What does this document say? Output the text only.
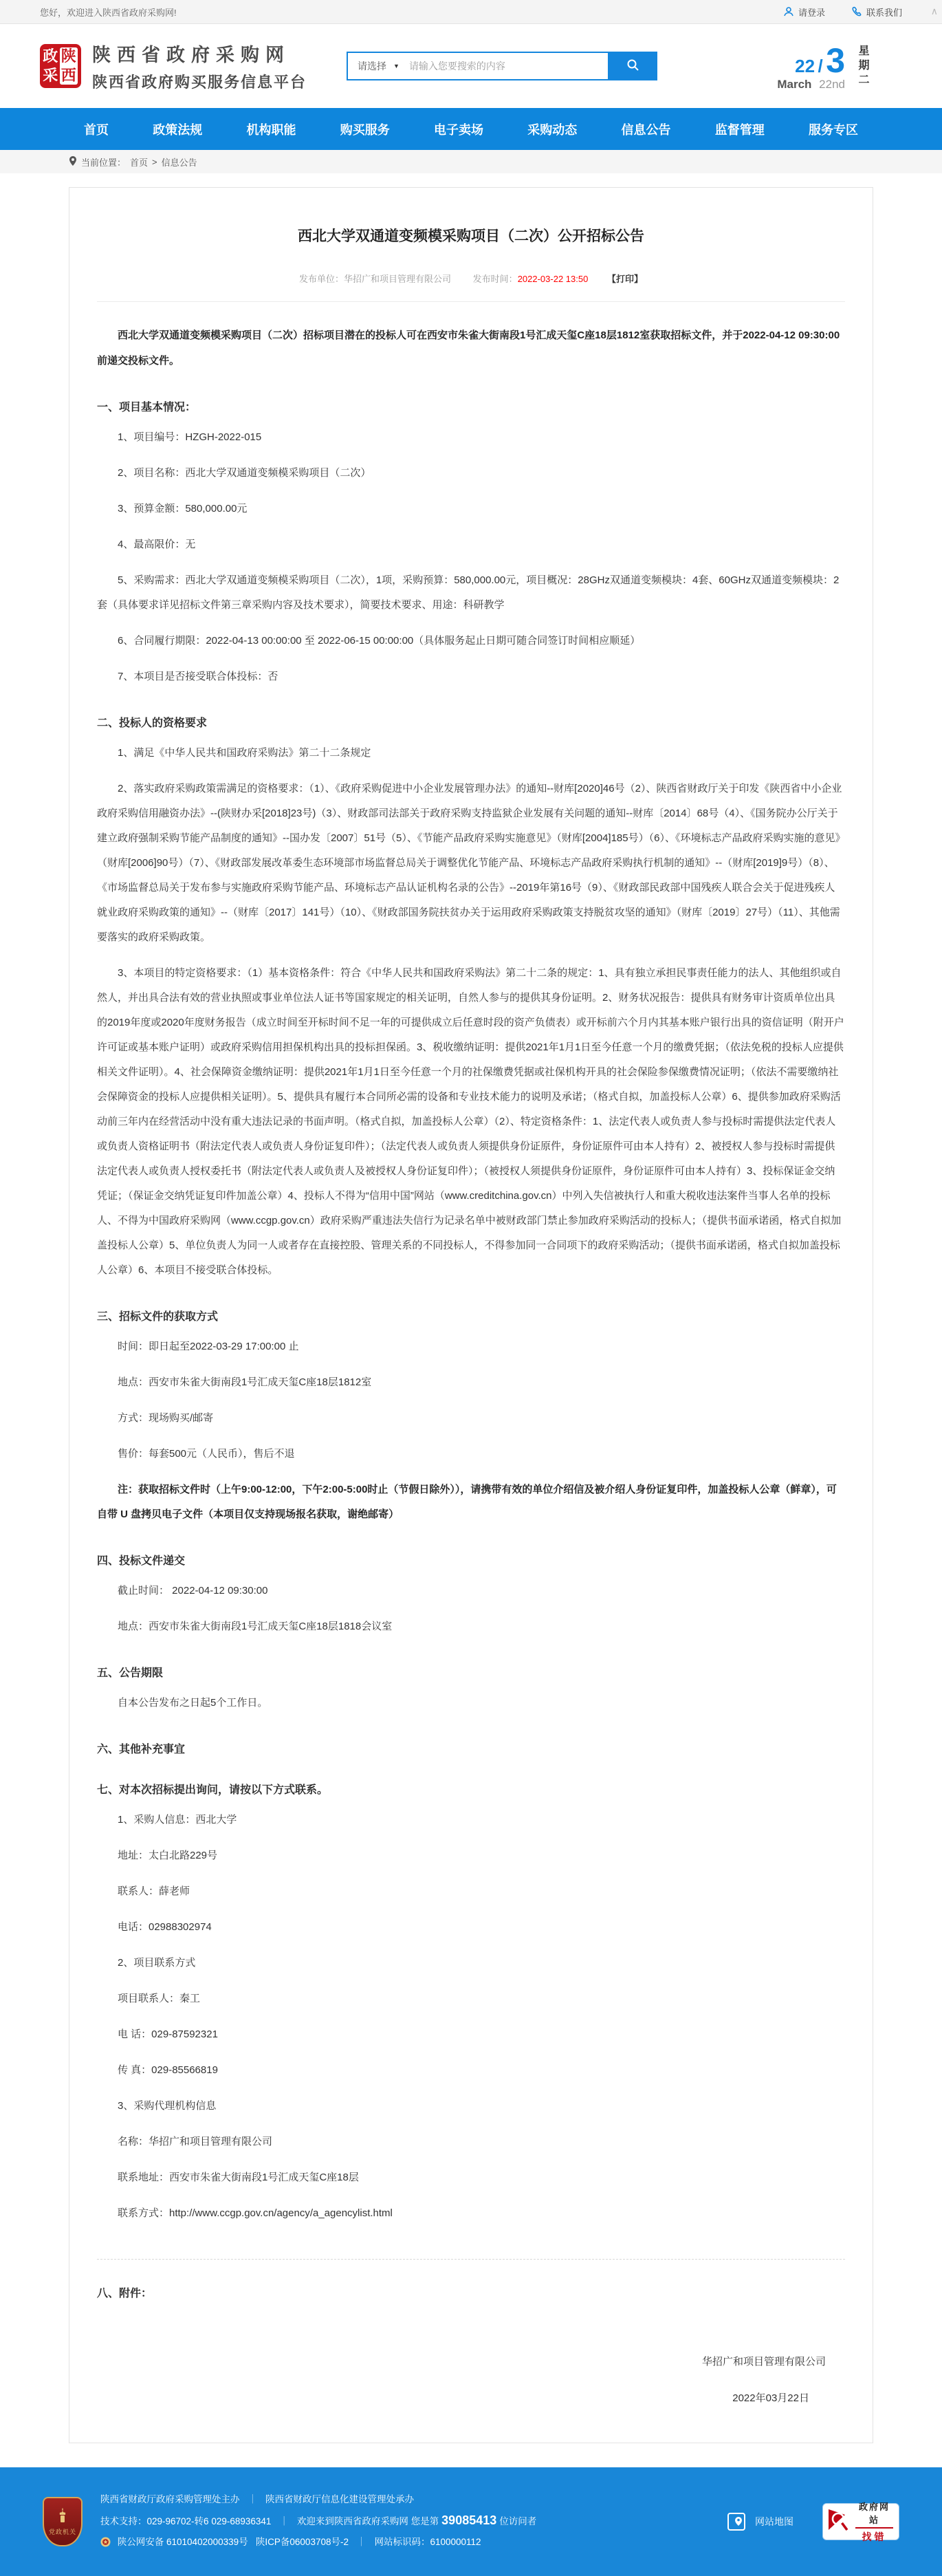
您好，欢迎进入陕西省政府采购网!	请登录	联系我们	∧
政
采
陕
西
陕西省政府采购网
陕西省政府购买服务信息平台
请选择 ▼
请输入您要搜索的内容	22 / 3
March 22nd 星期二
首页	政策法规	机构职能	购买服务	电子卖场	采购动态	信息公告	监督管理	服务专区
当前位置： 首页 > 信息公告
西北大学双通道变频模采购项目（二次）公开招标公告
发布单位：华招广和项目管理有限公司 发布时间：2022-03-22 13:50 【打印】

西北大学双通道变频模采购项目（二次）招标项目潜在的投标人可在西安市朱雀大街南段1号汇成天玺C座18层1812室获取招标文件，并于2022-04-12 09:30:00前递交投标文件。

一、项目基本情况：

1、项目编号：HZGH-2022-015

2、项目名称：西北大学双通道变频模采购项目（二次）

3、预算金额：580,000.00元

4、最高限价：无

5、采购需求：西北大学双通道变频模采购项目（二次），1项，采购预算：580,000.00元，项目概况：28GHz双通道变频模块：4套、60GHz双通道变频模块：2套（具体要求详见招标文件第三章采购内容及技术要求），简要技术要求、用途：科研教学

6、合同履行期限：2022-04-13 00:00:00 至 2022-06-15 00:00:00（具体服务起止日期可随合同签订时间相应顺延）

7、本项目是否接受联合体投标：否

二、投标人的资格要求

1、满足《中华人民共和国政府采购法》第二十二条规定

2、落实政府采购政策需满足的资格要求：（1）、《政府采购促进中小企业发展管理办法》的通知--财库[2020]46号（2）、陕西省财政厅关于印发《陕西省中小企业政府采购信用融资办法》--(陕财办采[2018]23号)（3）、财政部司法部关于政府采购支持监狱企业发展有关问题的通知--财库〔2014〕68号（4）、《国务院办公厅关于建立政府强制采购节能产品制度的通知》--国办发〔2007〕51号（5）、《节能产品政府采购实施意见》（财库[2004]185号）（6）、《环境标志产品政府采购实施的意见》（财库[2006]90号）（7）、《财政部发展改革委生态环境部市场监督总局关于调整优化节能产品、环境标志产品政府采购执行机制的通知》--（财库[2019]9号）（8）、《市场监督总局关于发布参与实施政府采购节能产品、环境标志产品认证机构名录的公告》--2019年第16号（9）、《财政部民政部中国残疾人联合会关于促进残疾人就业政府采购政策的通知》--（财库〔2017〕141号）（10）、《财政部国务院扶贫办关于运用政府采购政策支持脱贫攻坚的通知》（财库〔2019〕27号）（11）、其他需要落实的政府采购政策。

3、本项目的特定资格要求：（1）基本资格条件：符合《中华人民共和国政府采购法》第二十二条的规定：1、具有独立承担民事责任能力的法人、其他组织或自然人，并出具合法有效的营业执照或事业单位法人证书等国家规定的相关证明，自然人参与的提供其身份证明。2、财务状况报告：提供具有财务审计资质单位出具的2019年度或2020年度财务报告（成立时间至开标时间不足一年的可提供成立后任意时段的资产负债表）或开标前六个月内其基本账户银行出具的资信证明（附开户许可证或基本账户证明）或政府采购信用担保机构出具的投标担保函。3、税收缴纳证明：提供2021年1月1日至今任意一个月的缴费凭据；（依法免税的投标人应提供相关文件证明）。4、社会保障资金缴纳证明：提供2021年1月1日至今任意一个月的社保缴费凭据或社保机构开具的社会保险参保缴费情况证明；（依法不需要缴纳社会保障资金的投标人应提供相关证明）。5、提供具有履行本合同所必需的设备和专业技术能力的说明及承诺；（格式自拟，加盖投标人公章）6、提供参加政府采购活动前三年内在经营活动中没有重大违法记录的书面声明。（格式自拟，加盖投标人公章）（2）、特定资格条件：1、法定代表人或负责人参与投标时需提供法定代表人或负责人资格证明书（附法定代表人或负责人身份证复印件）；（法定代表人或负责人须提供身份证原件，身份证原件可由本人持有）2、被授权人参与投标时需提供法定代表人或负责人授权委托书（附法定代表人或负责人及被授权人身份证复印件）；（被授权人须提供身份证原件，身份证原件可由本人持有）3、投标保证金交纳凭证；（保证金交纳凭证复印件加盖公章）4、投标人不得为“信用中国”网站（www.creditchina.gov.cn）中列入失信被执行人和重大税收违法案件当事人名单的投标人、不得为中国政府采购网（www.ccgp.gov.cn）政府采购严重违法失信行为记录名单中被财政部门禁止参加政府采购活动的投标人；（提供书面承诺函，格式自拟加盖投标人公章）5、单位负责人为同一人或者存在直接控股、管理关系的不同投标人，不得参加同一合同项下的政府采购活动；（提供书面承诺函，格式自拟加盖投标人公章）6、本项目不接受联合体投标。

三、招标文件的获取方式

时间：即日起至2022-03-29 17:00:00 止

地点：西安市朱雀大街南段1号汇成天玺C座18层1812室

方式：现场购买/邮寄

售价：每套500元（人民币），售后不退

注：获取招标文件时（上午9:00-12:00，下午2:00-5:00时止（节假日除外）），请携带有效的单位介绍信及被介绍人身份证复印件，加盖投标人公章（鲜章），可自带 U 盘拷贝电子文件（本项目仅支持现场报名获取，谢绝邮寄）

四、投标文件递交

截止时间： 2022-04-12 09:30:00

地点：西安市朱雀大街南段1号汇成天玺C座18层1818会议室

五、公告期限

自本公告发布之日起5个工作日。

六、其他补充事宜
七、对本次招标提出询问，请按以下方式联系。

1、采购人信息：西北大学

地址：太白北路229号

联系人：薛老师

电话：02988302974

2、项目联系方式

项目联系人：秦工

电 话：029-87592321

传 真：029-85566819

3、采购代理机构信息

名称：华招广和项目管理有限公司

联系地址：西安市朱雀大街南段1号汇成天玺C座18层

联系方式：http://www.ccgp.gov.cn/agency/a_agencylist.html

八、附件：
华招广和项目管理有限公司
2022年03月22日
党政机关
陕西省财政厅政府采购管理处主办 ｜ 陕西省财政厅信息化建设管理处承办
技术支持：029-96702-转6 029-68936341 ｜ 欢迎来到陕西省政府采购网 您是第 39085413 位访问者
陕公网安备 61010402000339号 陕ICP备06003708号-2 ｜ 网站标识码：6100000112
网站地图
政府网站
找错
